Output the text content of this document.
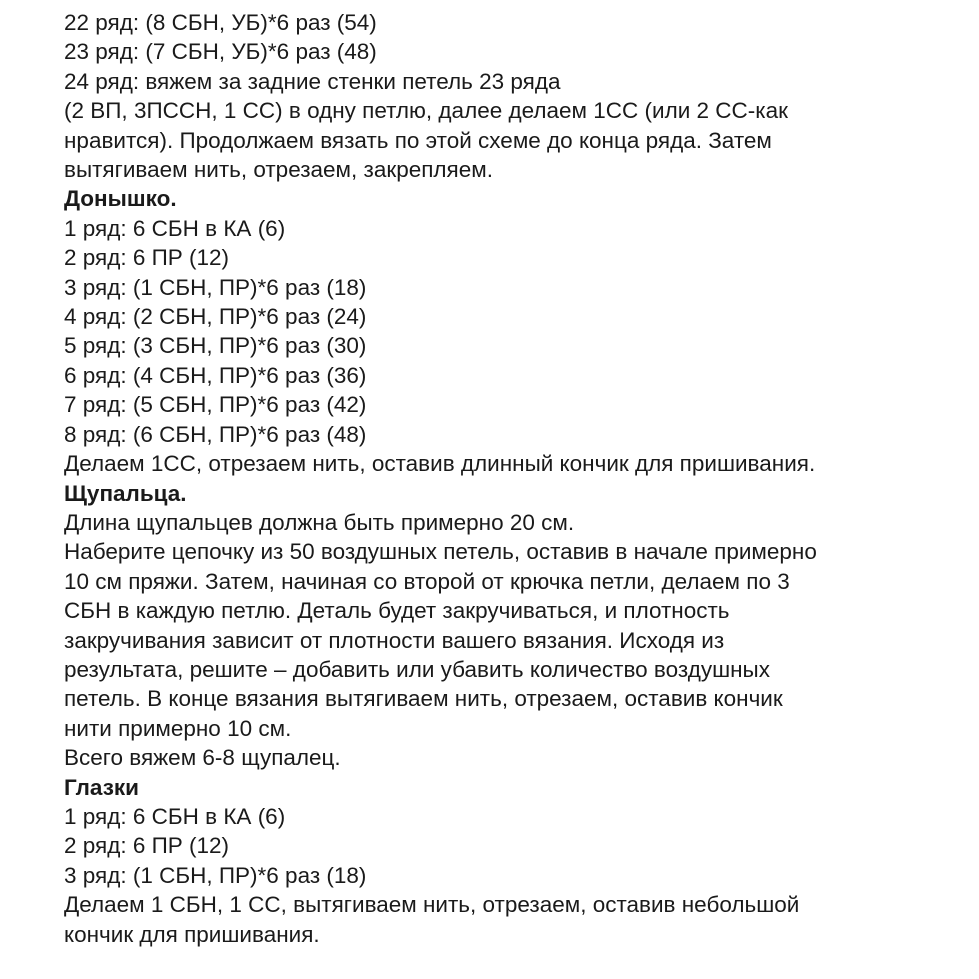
22 ряд: (8 СБН, УБ)*6 раз (54)
23 ряд: (7 СБН, УБ)*6 раз (48)
24 ряд: вяжем за задние стенки петель 23 ряда
(2 ВП, 3ПССН, 1 СС) в одну петлю, далее делаем 1СС (или 2 СС-как
нравится). Продолжаем вязать по этой схеме до конца ряда. Затем
вытягиваем нить, отрезаем, закрепляем.
Донышко.
1 ряд: 6 СБН в КА (6)
2 ряд: 6 ПР (12)
3 ряд: (1 СБН, ПР)*6 раз (18)
4 ряд: (2 СБН, ПР)*6 раз (24)
5 ряд: (3 СБН, ПР)*6 раз (30)
6 ряд: (4 СБН, ПР)*6 раз (36)
7 ряд: (5 СБН, ПР)*6 раз (42)
8 ряд: (6 СБН, ПР)*6 раз (48)
Делаем 1СС, отрезаем нить, оставив длинный кончик для пришивания.
Щупальца.
Длина щупальцев должна быть примерно 20 см.
Наберите цепочку из 50 воздушных петель, оставив в начале примерно
10 см пряжи. Затем, начиная со второй от крючка петли, делаем по 3
СБН в каждую петлю. Деталь будет закручиваться, и плотность
закручивания зависит от плотности вашего вязания. Исходя из
результата, решите – добавить или убавить количество воздушных
петель. В конце вязания вытягиваем нить, отрезаем, оставив кончик
нити примерно 10 см.
Всего вяжем 6-8 щупалец.
Глазки
1 ряд: 6 СБН в КА (6)
2 ряд: 6 ПР (12)
3 ряд: (1 СБН, ПР)*6 раз (18)
Делаем 1 СБН, 1 СС, вытягиваем нить, отрезаем, оставив небольшой
кончик для пришивания.
